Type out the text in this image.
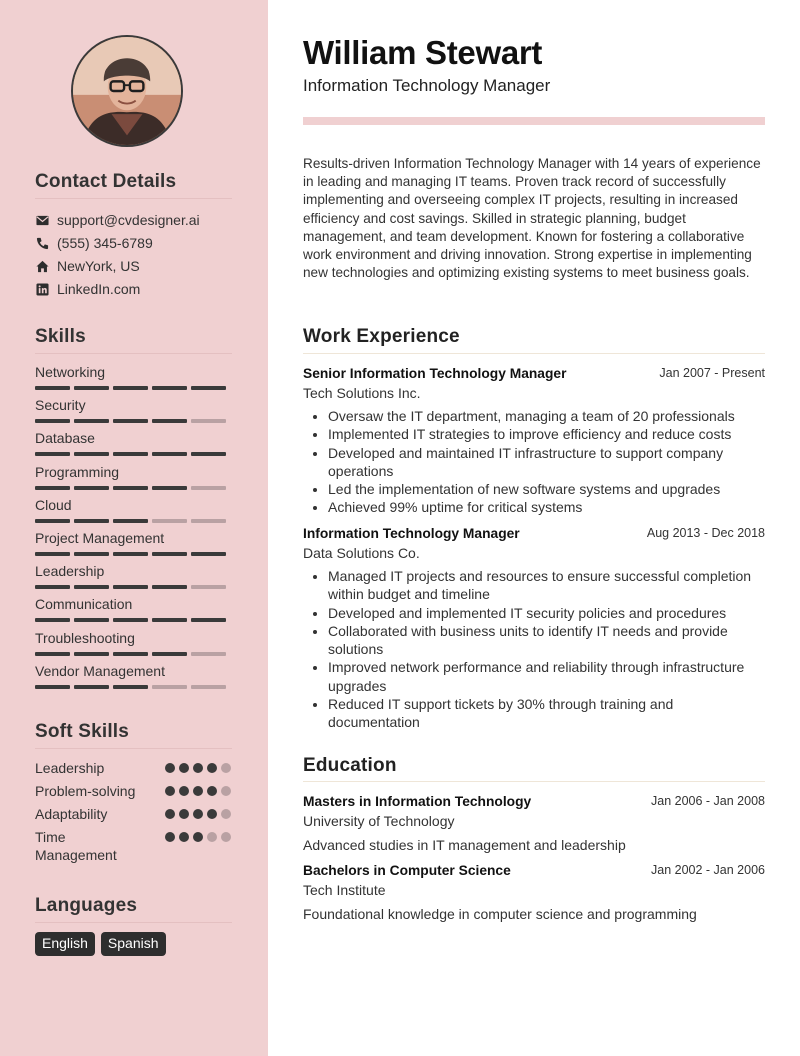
Contact Details
support@cvdesigner.ai
(555) 345-6789
NewYork, US
LinkedIn.com
Skills
Networking
Security
Database
Programming
Cloud
Project Management
Leadership
Communication
Troubleshooting
Vendor Management
Soft Skills
Leadership
Problem-solving
Adaptability
Time Management
Languages
English	Spanish
William Stewart
Information Technology Manager
Results-driven Information Technology Manager with 14 years of experience in leading and managing IT teams. Proven track record of successfully implementing and overseeing complex IT projects, resulting in increased efficiency and cost savings. Skilled in strategic planning, budget management, and team development. Known for fostering a collaborative work environment and driving innovation. Strong expertise in implementing new technologies and optimizing existing systems to meet business goals.
Work Experience
Senior Information Technology Manager	Jan 2007 - Present
Tech Solutions Inc.
• Oversaw the IT department, managing a team of 20 professionals
• Implemented IT strategies to improve efficiency and reduce costs
• Developed and maintained IT infrastructure to support company operations
• Led the implementation of new software systems and upgrades
• Achieved 99% uptime for critical systems
Information Technology Manager	Aug 2013 - Dec 2018
Data Solutions Co.
• Managed IT projects and resources to ensure successful completion within budget and timeline
• Developed and implemented IT security policies and procedures
• Collaborated with business units to identify IT needs and provide solutions
• Improved network performance and reliability through infrastructure upgrades
• Reduced IT support tickets by 30% through training and documentation
Education
Masters in Information Technology	Jan 2006 - Jan 2008
University of Technology
Advanced studies in IT management and leadership
Bachelors in Computer Science	Jan 2002 - Jan 2006
Tech Institute
Foundational knowledge in computer science and programming
